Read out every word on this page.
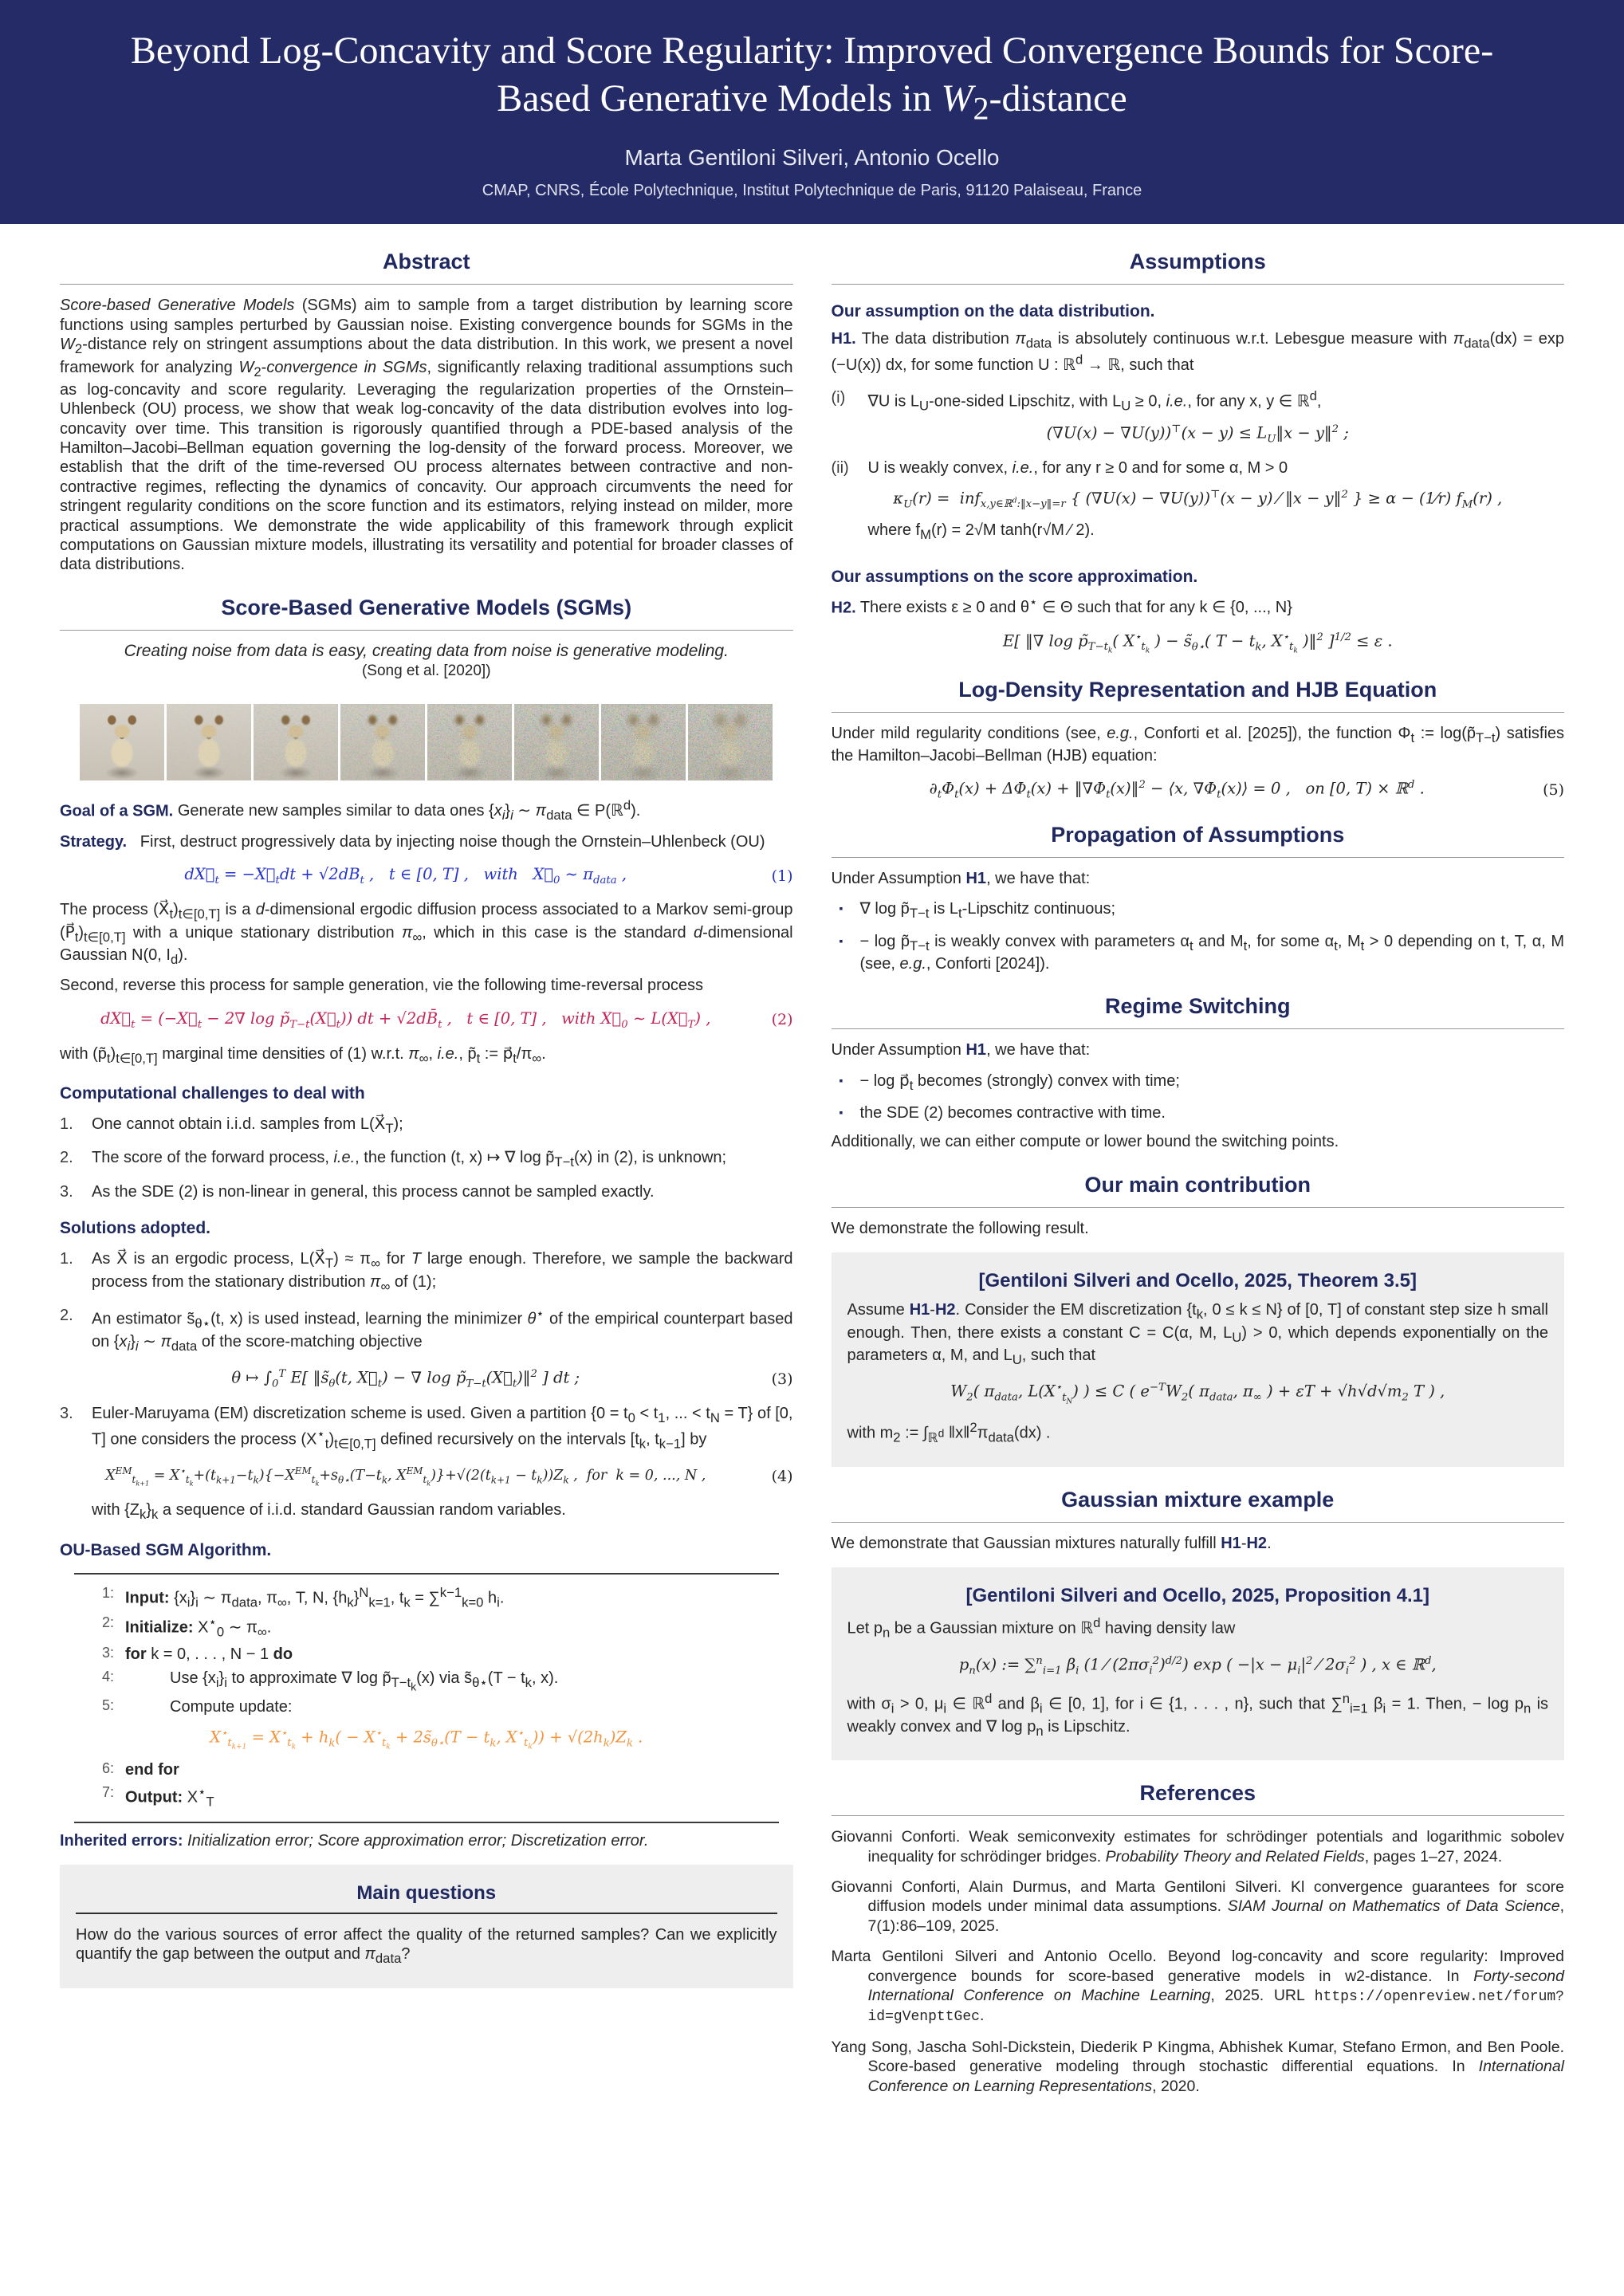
Beyond Log-Concavity and Score Regularity: Improved Convergence Bounds for Score-Based Generative Models in $W_2$-distance
Marta Gentiloni Silveri, Antonio Ocello
CMAP, CNRS, École Polytechnique, Institut Polytechnique de Paris, 91120 Palaiseau, France
Abstract

Score-based Generative Models (SGMs) aim to sample from a target distribution by learning score functions using samples perturbed by Gaussian noise. Existing convergence bounds for SGMs in the $W_2$-distance rely on stringent assumptions about the data distribution. In this work, we present a novel framework for analyzing $W_2$-convergence in SGMs, significantly relaxing traditional assumptions such as log-concavity and score regularity. Leveraging the regularization properties of the Ornstein–Uhlenbeck (OU) process, we show that weak log-concavity of the data distribution evolves into log-concavity over time. This transition is rigorously quantified through a PDE-based analysis of the Hamilton–Jacobi–Bellman equation governing the log-density of the forward process. Moreover, we establish that the drift of the time-reversed OU process alternates between contractive and non-contractive regimes, reflecting the dynamics of concavity. Our approach circumvents the need for stringent regularity conditions on the score function and its estimators, relying instead on milder, more practical assumptions. We demonstrate the wide applicability of this framework through explicit computations on Gaussian mixture models, illustrating its versatility and potential for broader classes of data distributions.

Score-Based Generative Models (SGMs)

Creating noise from data is easy, creating data from noise is generative modeling.

(Song et al. [2020])

Goal of a SGM. Generate new samples similar to data ones $\{x_i\}_i$ ∼ $\pi_{data}$ ∈ P(ℝ$^d$).

Strategy. First, destruct progressively data by injecting noise though the Ornstein–Uhlenbeck (OU)

$dX⃗_t$ = $-X⃗_tdt + √2dB_t$ ,   t ∈ [0, T] ,   with   $X⃗_0$ ∼ $\pi_{data}$ ,	(1)

The process $(X⃗_t)_{t\in[0,T]}$ is a d-dimensional ergodic diffusion process associated to a Markov semi-group $(P⃗_t)_{t\in[0,T]}$ with a unique stationary distribution $\pi_\infty$, which in this case is the standard d-dimensional Gaussian N(0, $I_d$).

Second, reverse this process for sample generation, vie the following time-reversal process

$dX⃖_t$ = ($-X⃖_t - 2\nabla$ $\log p̃_{T-t}(X⃖_t)$) dt + $√2dB̄_t$ ,   t ∈ [0, T] ,   with $X⃖_0$ ∼ $L(X⃗_T)$ ,	(2)

with $(p̃_t)_{t\in[0,T]}$ marginal time densities of (1) w.r.t. $\pi_\infty$, i.e., $p̃_t$ := $p⃗_t/\pi_\infty$.

Computational challenges to deal with
1.	One cannot obtain i.i.d. samples from $L(X⃗_T)$;
2.	The score of the forward process, i.e., the function (t, x) ↦ ∇ $\log p̃_{T-t}(x)$ in (2), is unknown;
3.	As the SDE (2) is non-linear in general, this process cannot be sampled exactly.
Solutions adopted.
1.	As X⃗ is an ergodic process, $L(X⃗_T) \approx \pi_\infty$ for T large enough. Therefore, we sample the backward process from the stationary distribution $\pi_\infty$ of (1);
2.	An estimator $s̃_{\theta⋆}(t$, x) is used instead, learning the minimizer θ⋆ of the empirical counterpart based on $\{x_i\}_i$ ∼ $\pi_{data}$ of the score-matching objective
θ ↦ $\int_0^T$ E[ $‖s̃_\theta(t$, $X⃗_t$) − ∇ $\log p̃_{T-t}(X⃗_t)‖^2$ ] dt ;	(3)
3.	Euler-Maruyama (EM) discretization scheme is used. Given a partition {$0 = t_0 < t_1$, ... < $t_N = T$} of [0, T] one considers the process $(X^⋆_t)_{t\in[0,T]}$ defined recursively on the intervals [$t_k$, $t_{k-1}$] by
$X^{EM}_{t_{k+1}} = X^⋆_{t_k}+(t_{k+1}-t_k)\{-X^{EM}_{t_k}+s_{\theta⋆}(T-t_k$, $X^{EM}_{t_k})\}+√(2(t_{k+1} - t_k))Z_k$ ,  for  k = 0, ..., N ,	(4)

with $\{Z_k\}_k$ a sequence of i.i.d. standard Gaussian random variables.

OU-Based SGM Algorithm.
1: Input: $\{x_i\}_i$ ∼ $\pi_{data}$, $\pi_\infty$, T, N, $\{h_k\}^N_{k=1}$, $t_k = \sum^{k-1}_{k=0}$ $h_i$.
2: Initialize: $X^⋆_0$ ∼ $\pi_\infty$.
3: for k = 0, . . . , N − 1 do
4:	Use $\{x_i\}_i$ to approximate ∇ $\log p̃_{T-t_k}(x)$ via $s̃_{\theta⋆}(T - t_k$, x).
5:	Compute update:
$X^⋆_{t_{k+1}} = X^⋆_{t_k} + h_k( - X^⋆_{t_k}$ + $2s̃_{\theta⋆}(T - t_k$, $X^⋆_{t_k})) + √(2h_k)Z_k$ .
6: end for
7: Output: $X^⋆_T$

Inherited errors: Initialization error; Score approximation error; Discretization error.

Main questions

How do the various sources of error affect the quality of the returned samples? Can we explicitly quantify the gap between the output and $\pi_{data}$?

Assumptions
Our assumption on the data distribution.

H1. The data distribution $\pi_{data}$ is absolutely continuous w.r.t. Lebesgue measure with $\pi_{data}(dx) = \exp (-U(x))$ dx, for some function U : ℝ$^d$ → ℝ, such that

(i)	∇U is $L_U-one$-sided Lipschitz, with $L_U \ge 0$, i.e., for any x, y ∈ ℝ$^d$,
$(\nabla U(x) - \nabla U(y))^⊤(x - y) \le L_U‖x$ − y‖$^2$ ;
(ii)	U is weakly convex, i.e., for any r ≥ 0 and for some α, M > 0
$\kappa_U(r) = inf_{x,y\in ℝ^d:‖x-y‖=r}$ { (∇U(x) − ∇U(y))⊤(x − y) ⁄ ‖x − y‖$^2$ } ≥ α − (1⁄r) $f_M(r)$ ,

where $f_M(r) = 2√M$ tanh(r√M ⁄ 2).

Our assumptions on the score approximation.

H2. There exists ε ≥ 0 and θ⋆ ∈ Θ such that for any k ∈ {0, ..., N}

E[ ‖∇ $\log p̃_{T-t_k}$( $X^⋆_{t_k}$ ) − $s̃_{\theta⋆}$( $T - t_k$, $X^⋆_{t_k}$ )‖$^2$ ]$^{1/2}$ ≤ ε .
Log-Density Representation and HJB Equation

Under mild regularity conditions (see, e.g., Conforti et al. [2025]), the function $\Phi_t$ := $\log(p̃_{T-t})$ satisfies the Hamilton–Jacobi–Bellman (HJB) equation:

$\partial_t\Phi_t(x) + \Delta\Phi_t(x)$ + $‖\nabla\Phi_t(x)‖^2$ − ⟨x, $\nabla\Phi_t(x)⟩ = 0$ ,   on [0, T) × ℝ$^d$ .	(5)
Propagation of Assumptions

Under Assumption H1, we have that:

▪
∇ $\log p̃_{T-t}$ is $L_t$-Lipschitz continuous;
▪
− $\log p̃_{T-t}$ is weakly convex with parameters $\alpha_t$ and $M_t$, for some $\alpha_t$, $M_t > 0$ depending on t, T, α, M (see, e.g., Conforti [2024]).
Regime Switching

Under Assumption H1, we have that:

▪
− $\log p⃗_t$ becomes (strongly) convex with time;
▪
the SDE (2) becomes contractive with time.

Additionally, we can either compute or lower bound the switching points.

Our main contribution

We demonstrate the following result.

[Gentiloni Silveri and Ocello, 2025, Theorem 3.5]

Assume H1-H2. Consider the EM discretization {$t_k$, 0 ≤ k ≤ N} of [0, T] of constant step size h small enough. Then, there exists a constant C = C(α, M, $L_U) > 0$, which depends exponentially on the parameters α, M, and $L_U$, such that

$W_2$( $\pi_{data}$, $L(X^⋆_{t_N})$ ) ≤ C ( $e^{-T}W_2$( $\pi_{data}$, $\pi_\infty$ ) + $\varepsilon T + √h√d√m_2$ T ) ,

with $m_2$ := $\int_{ℝ^d}$ $‖x‖^2\pi_{data}(dx)$ .

Gaussian mixture example

We demonstrate that Gaussian mixtures naturally fulfill H1-H2.

[Gentiloni Silveri and Ocello, 2025, Proposition 4.1]

Let $p_n$ be a Gaussian mixture on ℝ$^d$ having density law

$p_n(x)$ := ∑$^n_{i=1}$ $\beta_i$ (1 ⁄ $(2\pi\sigma_i^2)^{d/2}$) exp ( $-|x - \mu_i|^2$ ⁄ $2\sigma_i^2$ ) , x ∈ ℝ$^d$,

with $\sigma_i > 0$, $\mu_i$ ∈ ℝ$^d$ and $\beta_i$ ∈ [0, 1], for i ∈ {1, . . . , n}, such that ∑$^n_{i=1}$ $\beta_i = 1$. Then, − $\log p_n$ is weakly convex and ∇ $\log p_n$ is Lipschitz.

References

Giovanni Conforti. Weak semiconvexity estimates for schrödinger potentials and logarithmic sobolev inequality for schrödinger bridges. Probability Theory and Related Fields, pages 1–27, 2024.

Giovanni Conforti, Alain Durmus, and Marta Gentiloni Silveri. Kl convergence guarantees for score diffusion models under minimal data assumptions. SIAM Journal on Mathematics of Data Science, 7(1):86–109, 2025.

Marta Gentiloni Silveri and Antonio Ocello. Beyond log-concavity and score regularity: Improved convergence bounds for score-based generative models in w2-distance. In Forty-second International Conference on Machine Learning, 2025. URL https://openreview.net/forum?id=gVenpttGec.

Yang Song, Jascha Sohl-Dickstein, Diederik P Kingma, Abhishek Kumar, Stefano Ermon, and Ben Poole. Score-based generative modeling through stochastic differential equations. In International Conference on Learning Representations, 2020.
